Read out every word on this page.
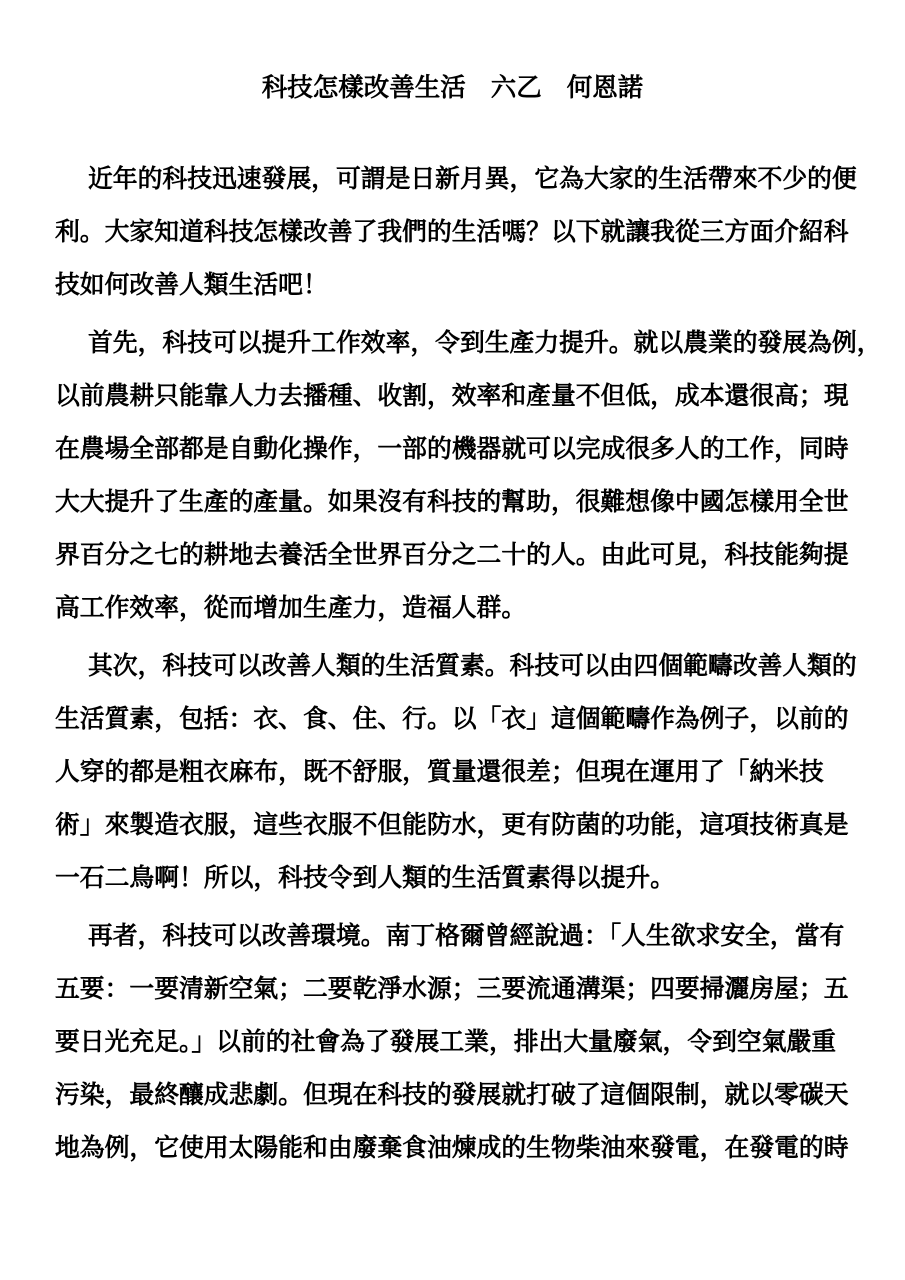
科技怎樣改善生活 六乙 何恩諾
近年的科技迅速發展，可謂是日新月異，它為大家的生活帶來不少的便
利。大家知道科技怎樣改善了我們的生活嗎？以下就讓我從三方面介紹科
技如何改善人類生活吧！
首先，科技可以提升工作效率，令到生產力提升。就以農業的發展為例，
以前農耕只能靠人力去播種、收割，效率和產量不但低，成本還很高；現
在農場全部都是自動化操作，一部的機器就可以完成很多人的工作，同時
大大提升了生產的產量。如果沒有科技的幫助，很難想像中國怎樣用全世
界百分之七的耕地去養活全世界百分之二十的人。由此可見，科技能夠提
高工作效率，從而增加生產力，造福人群。
其次，科技可以改善人類的生活質素。科技可以由四個範疇改善人類的
生活質素，包括：衣、食、住、行。以「衣」這個範疇作為例子，以前的
人穿的都是粗衣麻布，既不舒服，質量還很差；但現在運用了「納米技
術」來製造衣服，這些衣服不但能防水，更有防菌的功能，這項技術真是
一石二鳥啊！所以，科技令到人類的生活質素得以提升。
再者，科技可以改善環境。南丁格爾曾經說過：「人生欲求安全，當有
五要：一要清新空氣；二要乾淨水源；三要流通溝渠；四要掃灑房屋；五
要日光充足。」以前的社會為了發展工業，排出大量廢氣，令到空氣嚴重
污染，最終釀成悲劇。但現在科技的發展就打破了這個限制，就以零碳天
地為例，它使用太陽能和由廢棄食油煉成的生物柴油來發電，在發電的時
